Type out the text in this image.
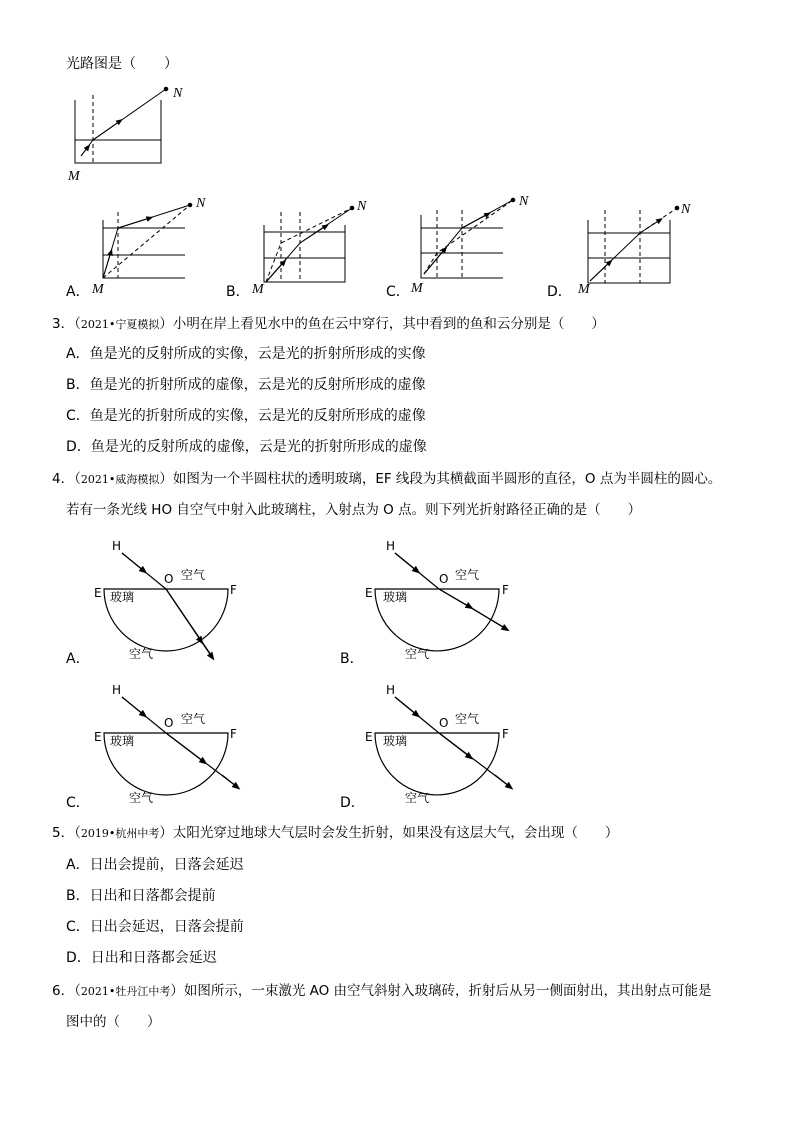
光路图是（　　）
M
N
M
N
M
N
M
N
M
N
H
O 空气
E	F
玻璃
空气
H
O 空气
E	F
玻璃
空气
H
O 空气
E	F
玻璃
空气
H
O 空气
E	F
玻璃
空气
A．	B．	C．	D．
3．（2021•宁夏模拟）小明在岸上看见水中的鱼在云中穿行，其中看到的鱼和云分别是（　　）
A．鱼是光的反射所成的实像，云是光的折射所形成的实像
B．鱼是光的折射所成的虚像，云是光的反射所形成的虚像
C．鱼是光的折射所成的实像，云是光的反射所形成的虚像
D．鱼是光的反射所成的虚像，云是光的折射所形成的虚像
4．（2021•威海模拟）如图为一个半圆柱状的透明玻璃，EF 线段为其横截面半圆形的直径，O 点为半圆柱的圆心。
若有一条光线 HO 自空气中射入此玻璃柱，入射点为 O 点。则下列光折射路径正确的是（　　）
A．	B．
C．	D．
5．（2019•杭州中考）太阳光穿过地球大气层时会发生折射，如果没有这层大气，会出现（　　）
A．日出会提前，日落会延迟
B．日出和日落都会提前
C．日出会延迟，日落会提前
D．日出和日落都会延迟
6．（2021•牡丹江中考）如图所示，一束激光 AO 由空气斜射入玻璃砖，折射后从另一侧面射出，其出射点可能是
图中的（　　）
